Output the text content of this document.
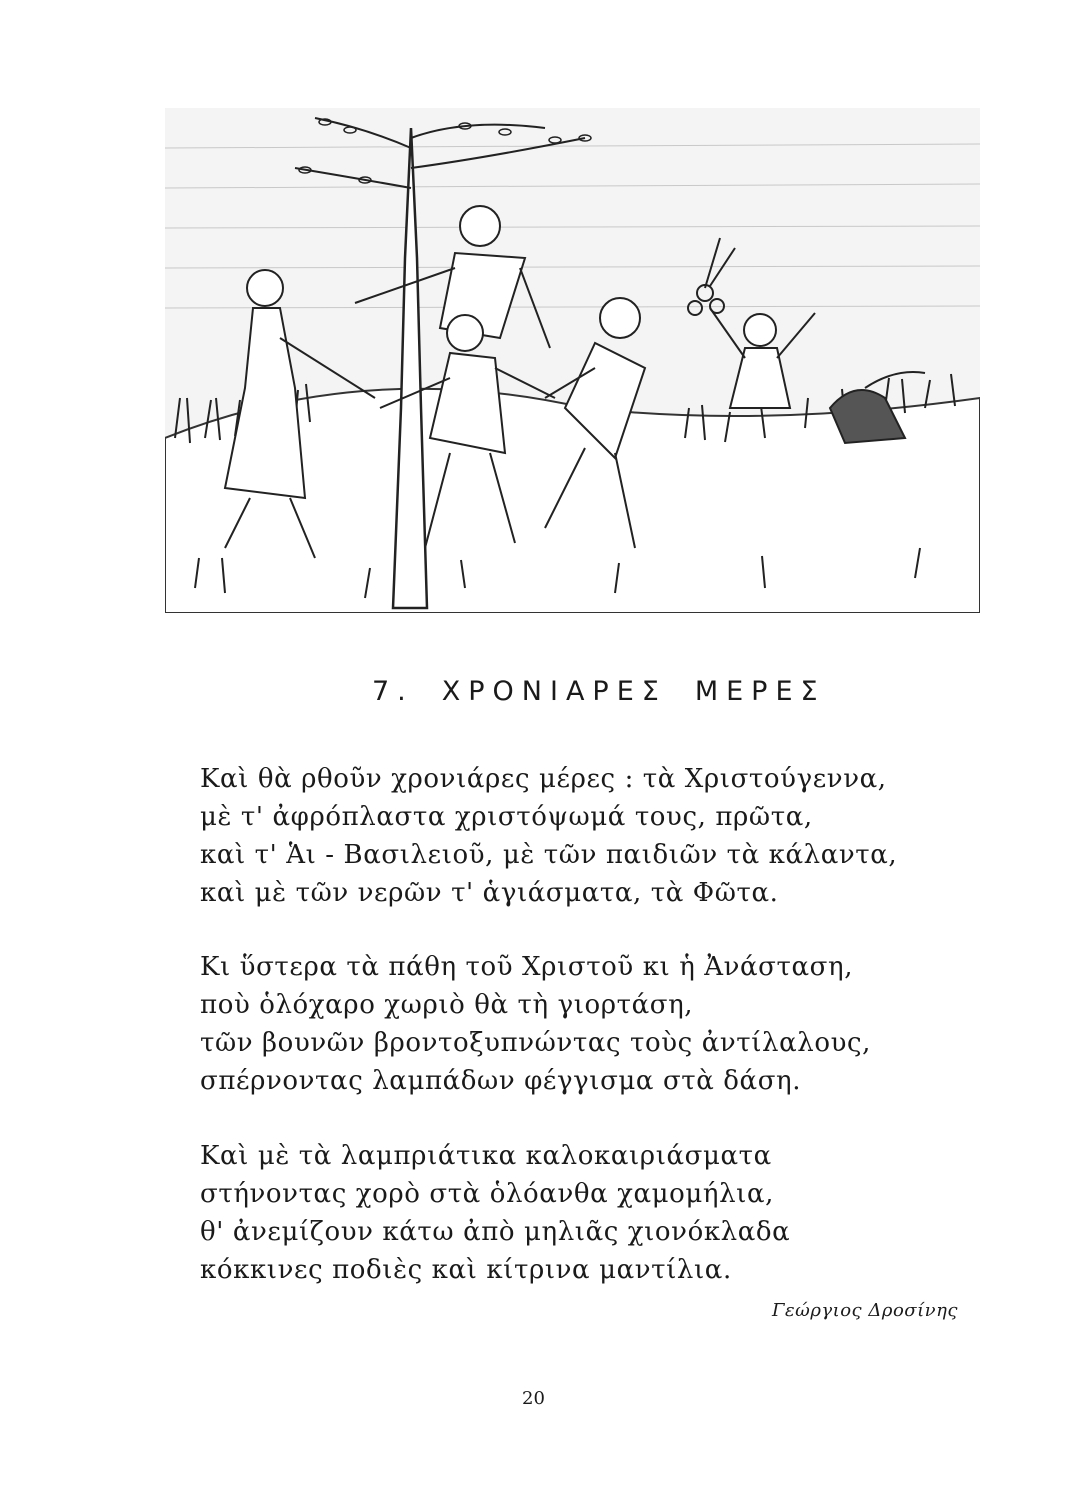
7. ΧΡΟΝΙΑΡΕΣ ΜΕΡΕΣ
Καὶ θὰ ρθοῦν χρονιάρες μέρες : τὰ Χριστούγεννα,
μὲ τ' ἀφρόπλαστα χριστόψωμά τους, πρῶτα,
καὶ τ' Ἁι - Βασιλειοῦ, μὲ τῶν παιδιῶν τὰ κάλαντα,
καὶ μὲ τῶν νερῶν τ' ἁγιάσματα, τὰ Φῶτα.
Κι ὕστερα τὰ πάθη τοῦ Χριστοῦ κι ἡ Ἀνάσταση,
ποὺ ὁλόχαρο χωριὸ θὰ τὴ γιορτάση,
τῶν βουνῶν βροντοξυπνώντας τοὺς ἀντίλαλους,
σπέρνοντας λαμπάδων φέγγισμα στὰ δάση.
Καὶ μὲ τὰ λαμπριάτικα καλοκαιριάσματα
στήνοντας χορὸ στὰ ὁλόανθα χαμομήλια,
θ' ἀνεμίζουν κάτω ἀπὸ μηλιᾶς χιονόκλαδα
κόκκινες ποδιὲς καὶ κίτρινα μαντίλια.
Γεώργιος Δροσίνης
20
